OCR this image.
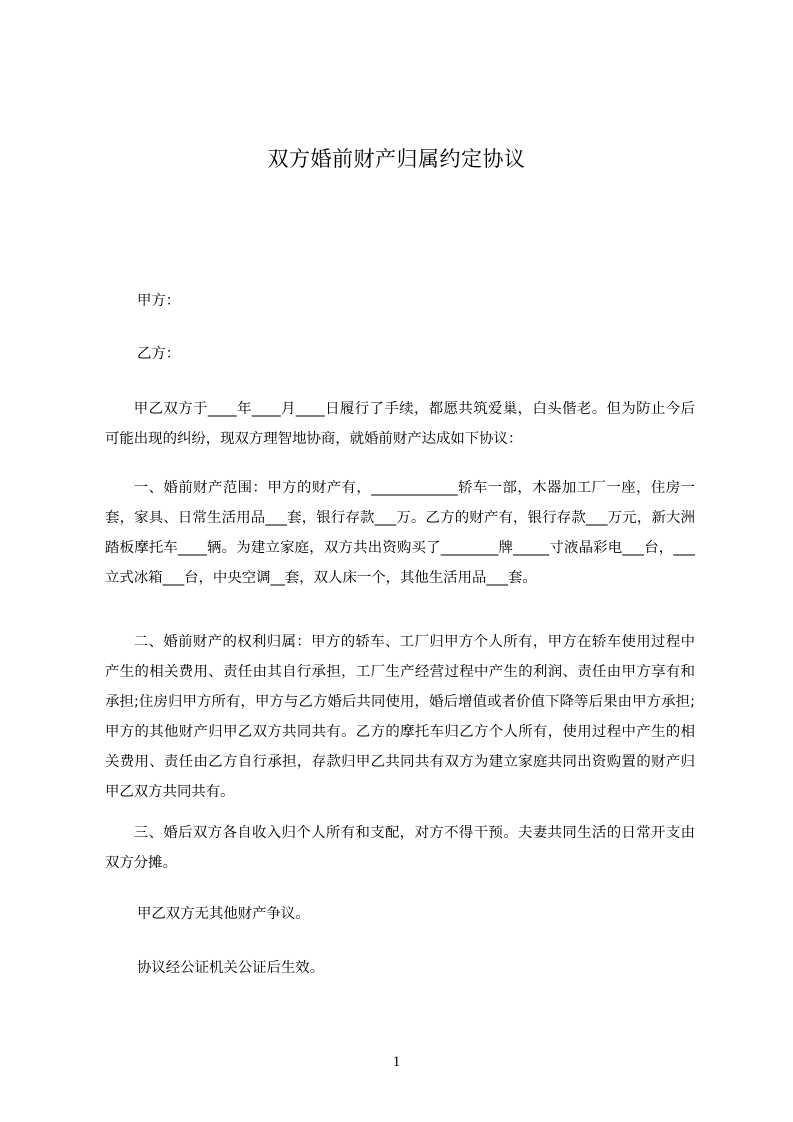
双方婚前财产归属约定协议
甲方：
乙方：
甲乙双方于____年____月____日履行了手续，都愿共筑爱巢，白头偕老。但为防止今后可能出现的纠纷，现双方理智地协商，就婚前财产达成如下协议：
一、婚前财产范围：甲方的财产有，____________轿车一部，木器加工厂一座，住房一套，家具、日常生活用品___套，银行存款___万。乙方的财产有，银行存款___万元，新大洲踏板摩托车____辆。为建立家庭，双方共出资购买了________牌_____寸液晶彩电___台，___立式冰箱___台，中央空调__套，双人床一个，其他生活用品___套。
二、婚前财产的权利归属：甲方的轿车、工厂归甲方个人所有，甲方在轿车使用过程中产生的相关费用、责任由其自行承担，工厂生产经营过程中产生的利润、责任由甲方享有和承担;住房归甲方所有，甲方与乙方婚后共同使用，婚后增值或者价值下降等后果由甲方承担;甲方的其他财产归甲乙双方共同共有。乙方的摩托车归乙方个人所有，使用过程中产生的相关费用、责任由乙方自行承担，存款归甲乙共同共有双方为建立家庭共同出资购置的财产归甲乙双方共同共有。
三、婚后双方各自收入归个人所有和支配，对方不得干预。夫妻共同生活的日常开支由双方分摊。
甲乙双方无其他财产争议。
协议经公证机关公证后生效。
1
